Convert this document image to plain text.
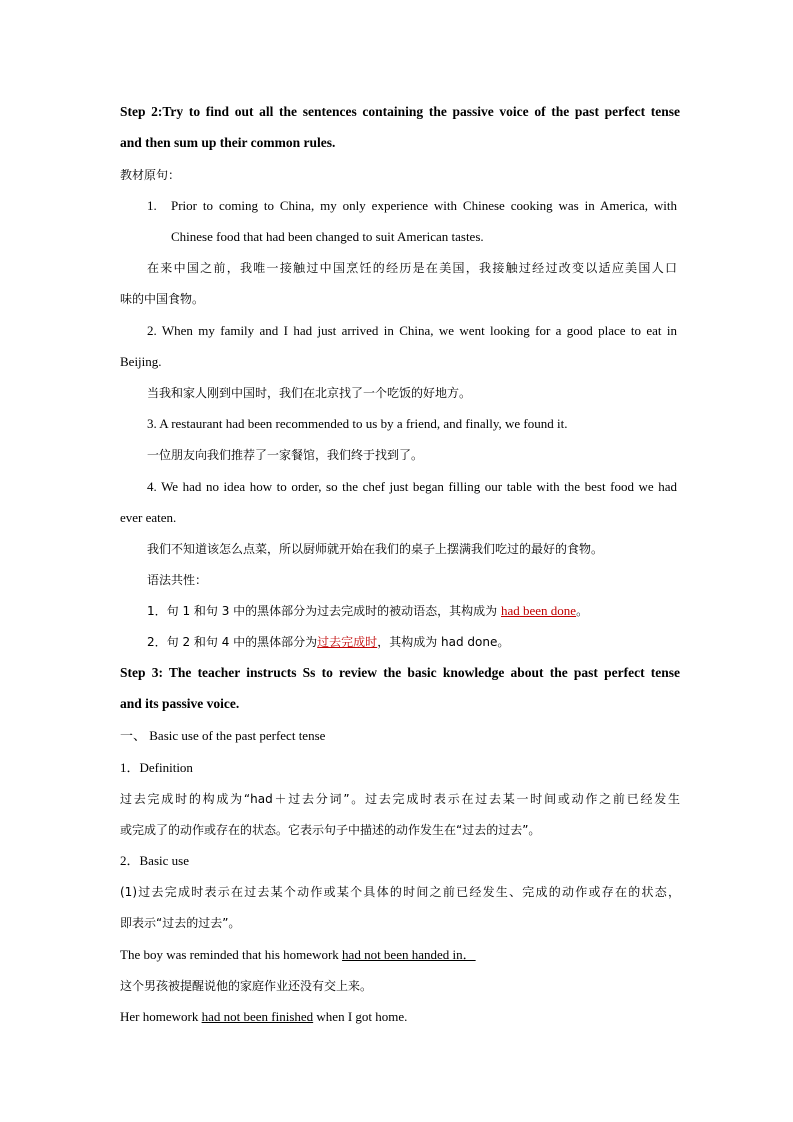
Step 2:Try to find out all the sentences containing the passive voice of the past perfect tense
and then sum up their common rules.
教材原句：
1. Prior to coming to China, my only experience with Chinese cooking was in America, with
Chinese food that had been changed to suit American tastes.
在来中国之前，我唯一接触过中国烹饪的经历是在美国，我接触过经过改变以适应美国人口
味的中国食物。
2. When my family and I had just arrived in China, we went looking for a good place to eat in
Beijing.
当我和家人刚到中国时，我们在北京找了一个吃饭的好地方。
3. A restaurant had been recommended to us by a friend, and finally, we found it.
一位朋友向我们推荐了一家餐馆，我们终于找到了。
4. We had no idea how to order, so the chef just began filling our table with the best food we had
ever eaten.
我们不知道该怎么点菜，所以厨师就开始在我们的桌子上摆满我们吃过的最好的食物。
语法共性：
1．句 1 和句 3 中的黑体部分为过去完成时的被动语态，其构成为 had been done。
2．句 2 和句 4 中的黑体部分为过去完成时，其构成为 had done。
Step 3: The teacher instructs Ss to review the basic knowledge about the past perfect tense
and its passive voice.
一、 Basic use of the past perfect tense
1．Definition
过去完成时的构成为“had＋过去分词”。过去完成时表示在过去某一时间或动作之前已经发生
或完成了的动作或存在的状态。它表示句子中描述的动作发生在“过去的过去”。
2．Basic use
(1)过去完成时表示在过去某个动作或某个具体的时间之前已经发生、完成的动作或存在的状态，
即表示“过去的过去”。
The boy was reminded that his homework had not been handed in．
这个男孩被提醒说他的家庭作业还没有交上来。
Her homework had not been finished when I got home.
